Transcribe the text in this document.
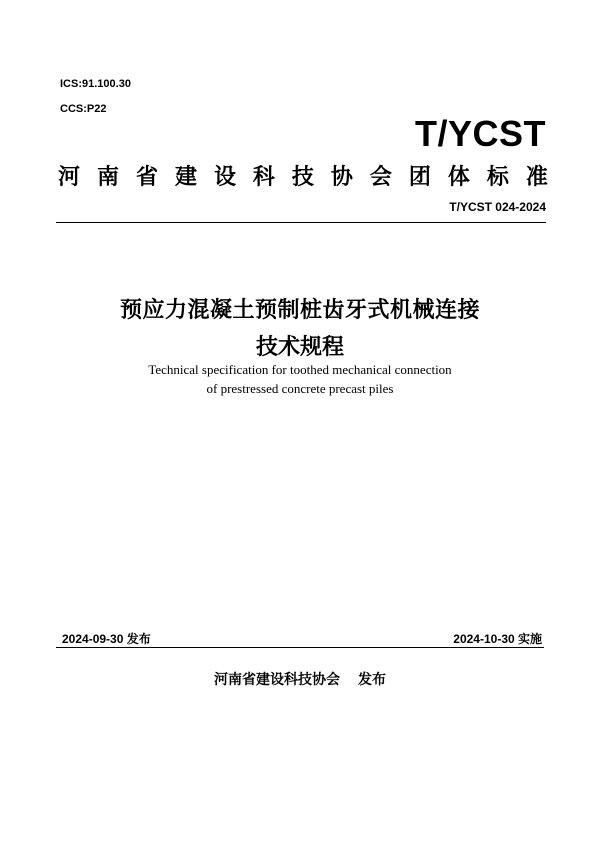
ICS:91.100.30
CCS:P22
T/YCST
河 南 省 建 设 科 技 协 会 团 体 标 准
T/YCST 024-2024
预应力混凝土预制桩齿牙式机械连接
技术规程
Technical specification for toothed mechanical connection
of prestressed concrete precast piles
2024-09-30 发布	2024-10-30 实施
河南省建设科技协会 发布
